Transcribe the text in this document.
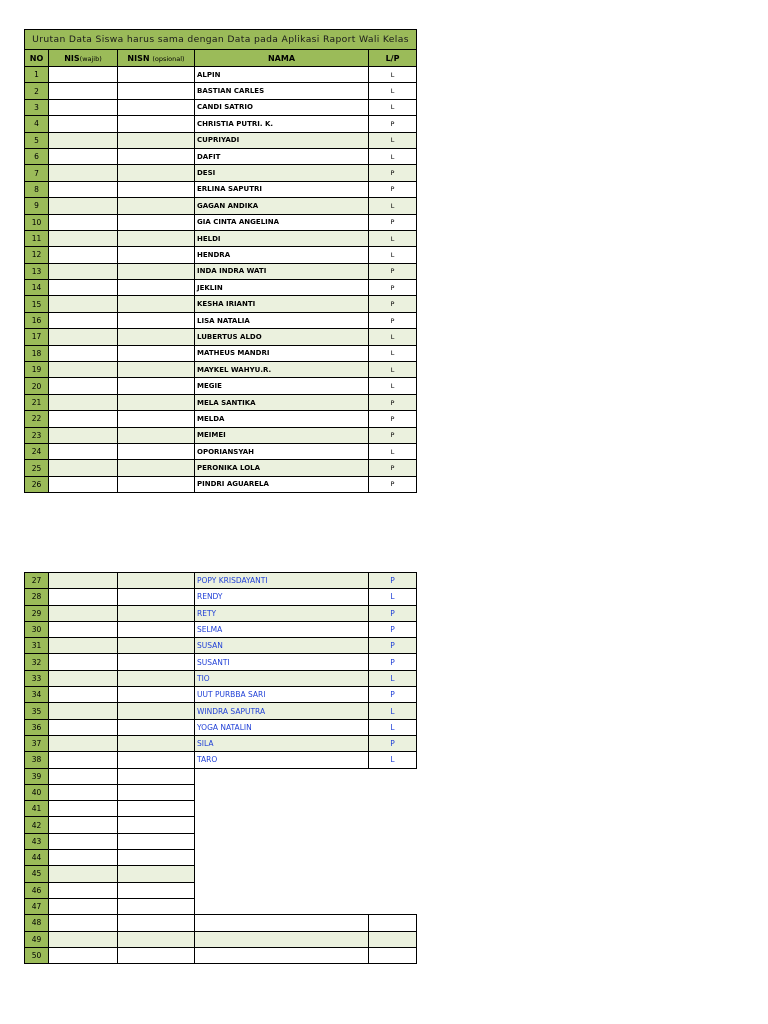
Urutan Data Siswa harus sama dengan Data pada Aplikasi Raport Wali Kelas				
NO	NIS(wajib)	NISN (opsional)	NAMA	L/P
1			ALPIN	L
2			BASTIAN CARLES	L
3			CANDI SATRIO	L
4			CHRISTIA PUTRI. K.	P
5			CUPRIYADI	L
6			DAFIT	L
7			DESI	P
8			ERLINA SAPUTRI	P
9			GAGAN ANDIKA	L
10			GIA CINTA ANGELINA	P
11			HELDI	L
12			HENDRA	L
13			INDA INDRA WATI	P
14			JEKLIN	P
15			KESHA IRIANTI	P
16			LISA NATALIA	P
17			LUBERTUS ALDO	L
18			MATHEUS MANDRI	L
19			MAYKEL WAHYU.R.	L
20			MEGIE	L
21			MELA SANTIKA	P
22			MELDA	P
23			MEIMEI	P
24			OPORIANSYAH	L
25			PERONIKA LOLA	P
26			PINDRI AGUARELA	P
27			POPY KRISDAYANTI	P
28			RENDY	L
29			RETY	P
30			SELMA	P
31			SUSAN	P
32			SUSANTI	P
33			TIO	L
34			UUT PURBBA SARI	P
35			WINDRA SAPUTRA	L
36			YOGA NATALIN	L
37			SILA	P
38			TARO	L
39				
40				
41				
42				
43				
44				
45				
46				
47				
48				
49				
50				
